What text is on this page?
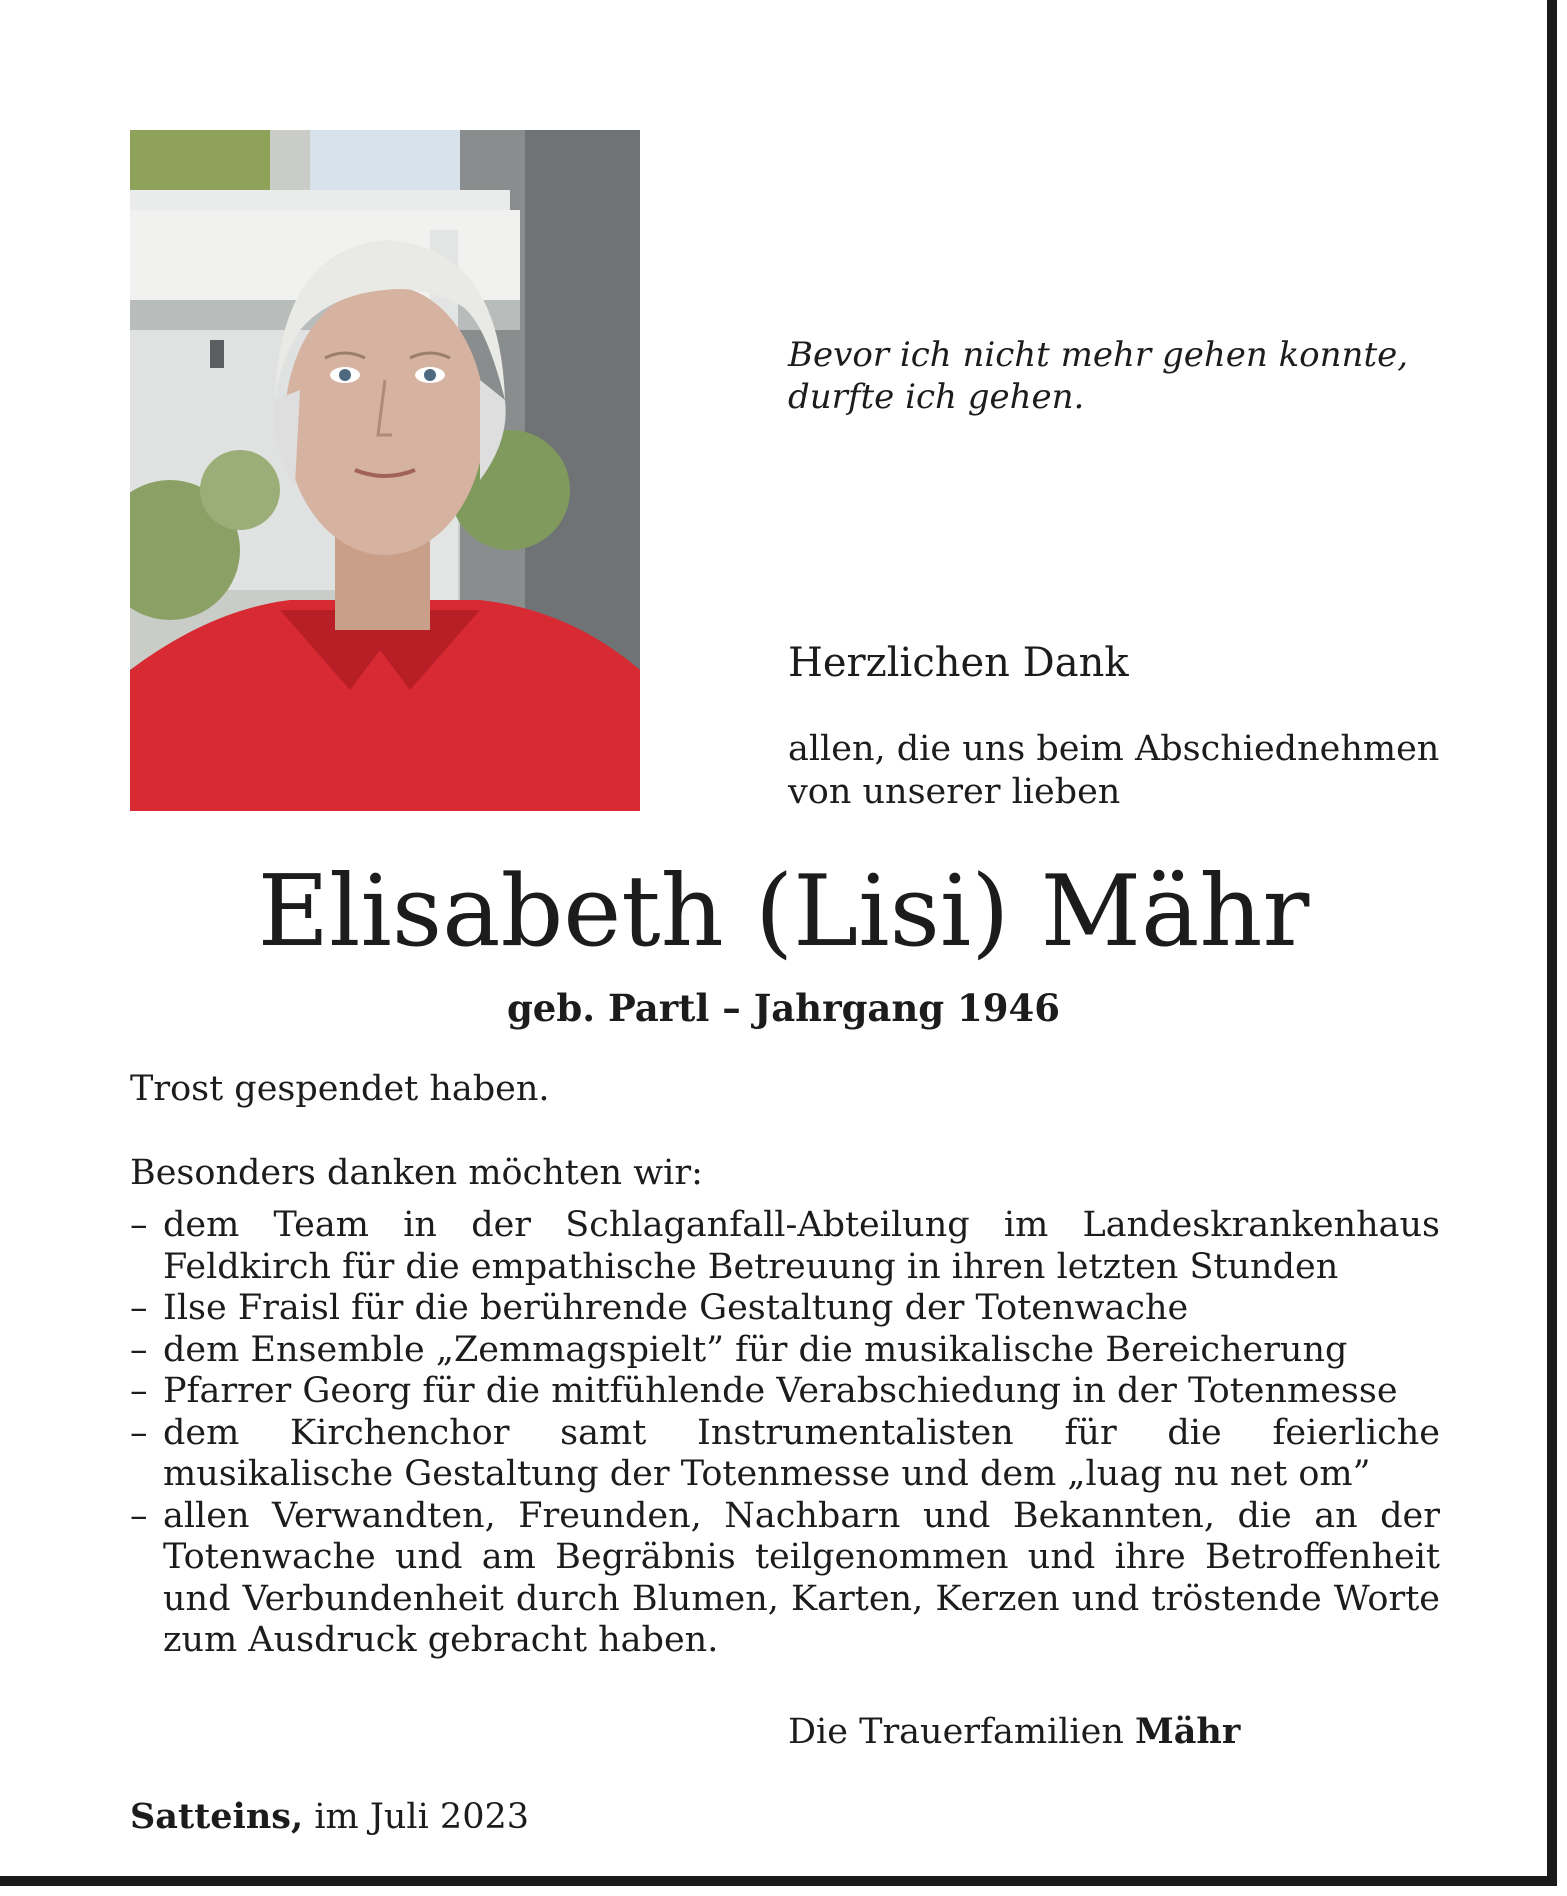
Bevor ich nicht mehr gehen konnte,
durfte ich gehen.
Herzlichen Dank
allen, die uns beim Abschiednehmen
von unserer lieben
Elisabeth (Lisi) Mähr
geb. Partl – Jahrgang 1946
Trost gespendet haben.
Besonders danken möchten wir:
– dem Team in der Schlaganfall-Abteilung im Landeskrankenhaus Feldkirch für die empathische Betreuung in ihren letzten Stunden
– Ilse Fraisl für die berührende Gestaltung der Totenwache
– dem Ensemble „Zemmagspielt” für die musikalische Bereicherung
– Pfarrer Georg für die mitfühlende Verabschiedung in der Totenmesse
– dem Kirchenchor samt Instrumentalisten für die feierliche musikalische Gestaltung der Totenmesse und dem „luag nu net om”
– allen Verwandten, Freunden, Nachbarn und Bekannten, die an der Totenwache und am Begräbnis teilgenommen und ihre Betroffenheit und Verbundenheit durch Blumen, Karten, Kerzen und tröstende Worte zum Ausdruck gebracht haben.
Die Trauerfamilien Mähr
Satteins, im Juli 2023
